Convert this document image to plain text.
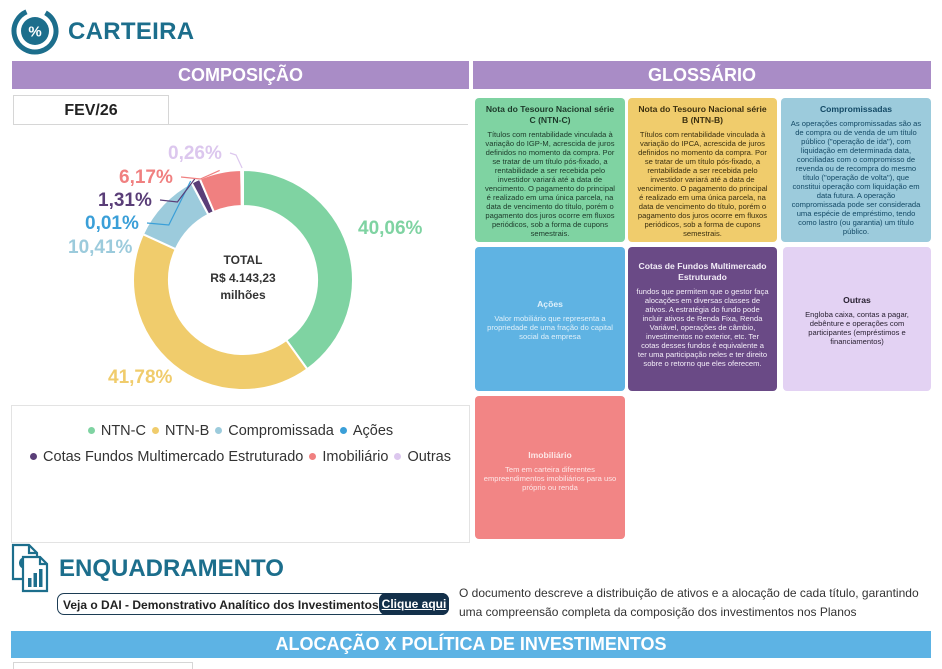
% CARTEIRA
COMPOSIÇÃO	GLOSSÁRIO
FEV/26
40,06%
41,78%
10,41%
0,01%
1,31%
6,17%
0,26%
TOTAL
R$ 4.143,23
milhões
NTN-C NTN-B Compromissada Ações
Cotas Fundos Multimercado Estruturado Imobiliário Outras
Nota do Tesouro Nacional série C (NTN-C)
Títulos com rentabilidade vinculada à variação do IGP-M, acrescida de juros definidos no momento da compra. Por se tratar de um título pós-fixado, a rentabilidade a ser recebida pelo investidor variará até a data de vencimento. O pagamento do principal é realizado em uma única parcela, na data de vencimento do título, porém o pagamento dos juros ocorre em fluxos periódicos, sob a forma de cupons semestrais.
Nota do Tesouro Nacional série B (NTN-B)
Títulos com rentabilidade vinculada à variação do IPCA, acrescida de juros definidos no momento da compra. Por se tratar de um título pós-fixado, a rentabilidade a ser recebida pelo investidor variará até a data de vencimento. O pagamento do principal é realizado em uma única parcela, na data de vencimento do título, porém o pagamento dos juros ocorre em fluxos periódicos, sob a forma de cupons semestrais.
Compromissadas
As operações compromissadas são as de compra ou de venda de um título público ("operação de ida"), com liquidação em determinada data, conciliadas com o compromisso de revenda ou de recompra do mesmo título ("operação de volta"), que constitui operação com liquidação em data futura. A operação compromissada pode ser considerada uma espécie de empréstimo, tendo como lastro (ou garantia) um título público.
Ações
Valor mobiliário que representa a propriedade de uma fração do capital social da empresa
Cotas de Fundos Multimercado Estruturado
fundos que permitem que o gestor faça alocações em diversas classes de ativos. A estratégia do fundo pode incluir ativos de Renda Fixa, Renda Variável, operações de câmbio, investimentos no exterior, etc. Ter cotas desses fundos é equivalente a ter uma participação neles e ter direito sobre o retorno que eles oferecem.
Outras
Engloba caixa, contas a pagar, debênture e operações com participantes (empréstimos e financiamentos)
Imobiliário
Tem em carteira diferentes empreendimentos imobiliários para uso próprio ou renda
ENQUADRAMENTO
Veja o DAI - Demonstrativo Analítico dos Investimentos Clique aqui
O documento descreve a distribuição de ativos e a alocação de cada título, garantindo uma compreensão completa da composição dos investimentos nos Planos
ALOCAÇÃO X POLÍTICA DE INVESTIMENTOS
